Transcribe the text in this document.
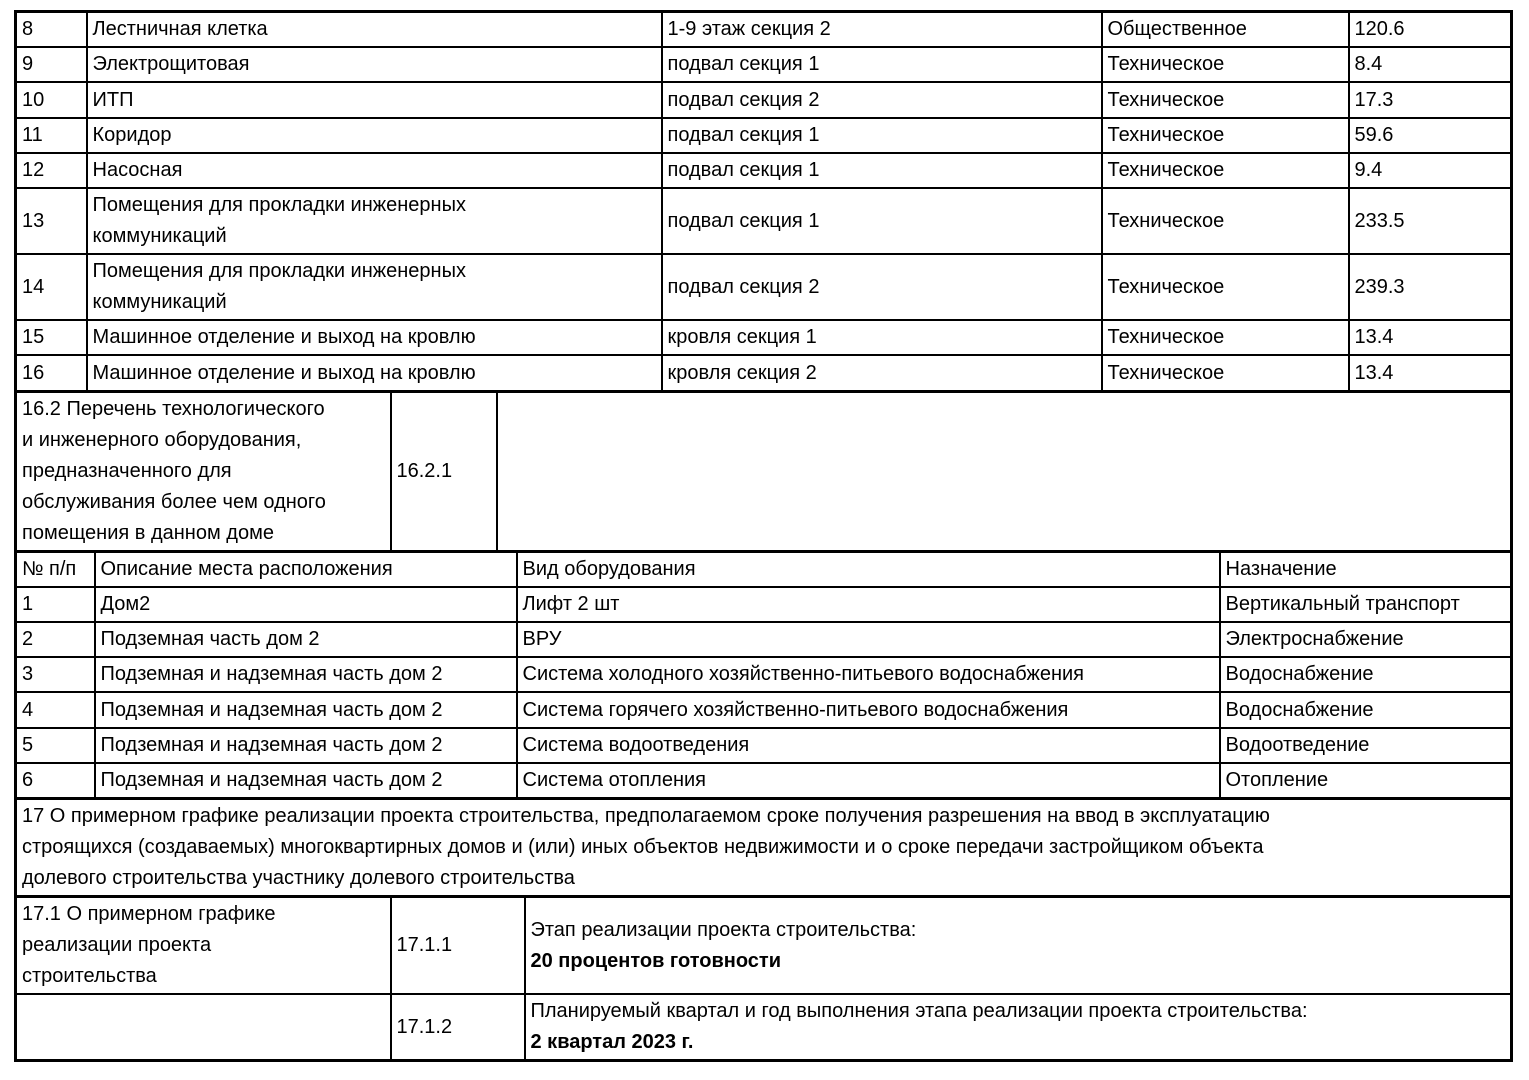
8	Лестничная клетка	1-9 этаж секция 2	Общественное	120.6
9	Электрощитовая	подвал секция 1	Техническое	8.4
10	ИТП	подвал секция 2	Техническое	17.3
11	Коридор	подвал секция 1	Техническое	59.6
12	Насосная	подвал секция 1	Техническое	9.4
13	Помещения для прокладки инженерных коммуникаций	подвал секция 1	Техническое	233.5
14	Помещения для прокладки инженерных коммуникаций	подвал секция 2	Техническое	239.3
15	Машинное отделение и выход на кровлю	кровля секция 1	Техническое	13.4
16	Машинное отделение и выход на кровлю	кровля секция 2	Техническое	13.4
16.2 Перечень технологического и инженерного оборудования, предназначенного для обслуживания более чем одного помещения в данном доме	16.2.1	
№ п/п	Описание места расположения	Вид оборудования	Назначение
1	Дом2	Лифт 2 шт	Вертикальный транспорт
2	Подземная часть дом 2	ВРУ	Электроснабжение
3	Подземная и надземная часть дом 2	Система холодного хозяйственно-питьевого водоснабжения	Водоснабжение
4	Подземная и надземная часть дом 2	Система горячего хозяйственно-питьевого водоснабжения	Водоснабжение
5	Подземная и надземная часть дом 2	Система водоотведения	Водоотведение
6	Подземная и надземная часть дом 2	Система отопления	Отопление
17 О примерном графике реализации проекта строительства, предполагаемом сроке получения разрешения на ввод в эксплуатацию строящихся (создаваемых) многоквартирных домов и (или) иных объектов недвижимости и о сроке передачи застройщиком объекта долевого строительства участнику долевого строительства
17.1 О примерном графике реализации проекта строительства	17.1.1	Этап реализации проекта строительства:
20 процентов готовности

	17.1.2	Планируемый квартал и год выполнения этапа реализации проекта строительства:
2 квартал 2023 г.
